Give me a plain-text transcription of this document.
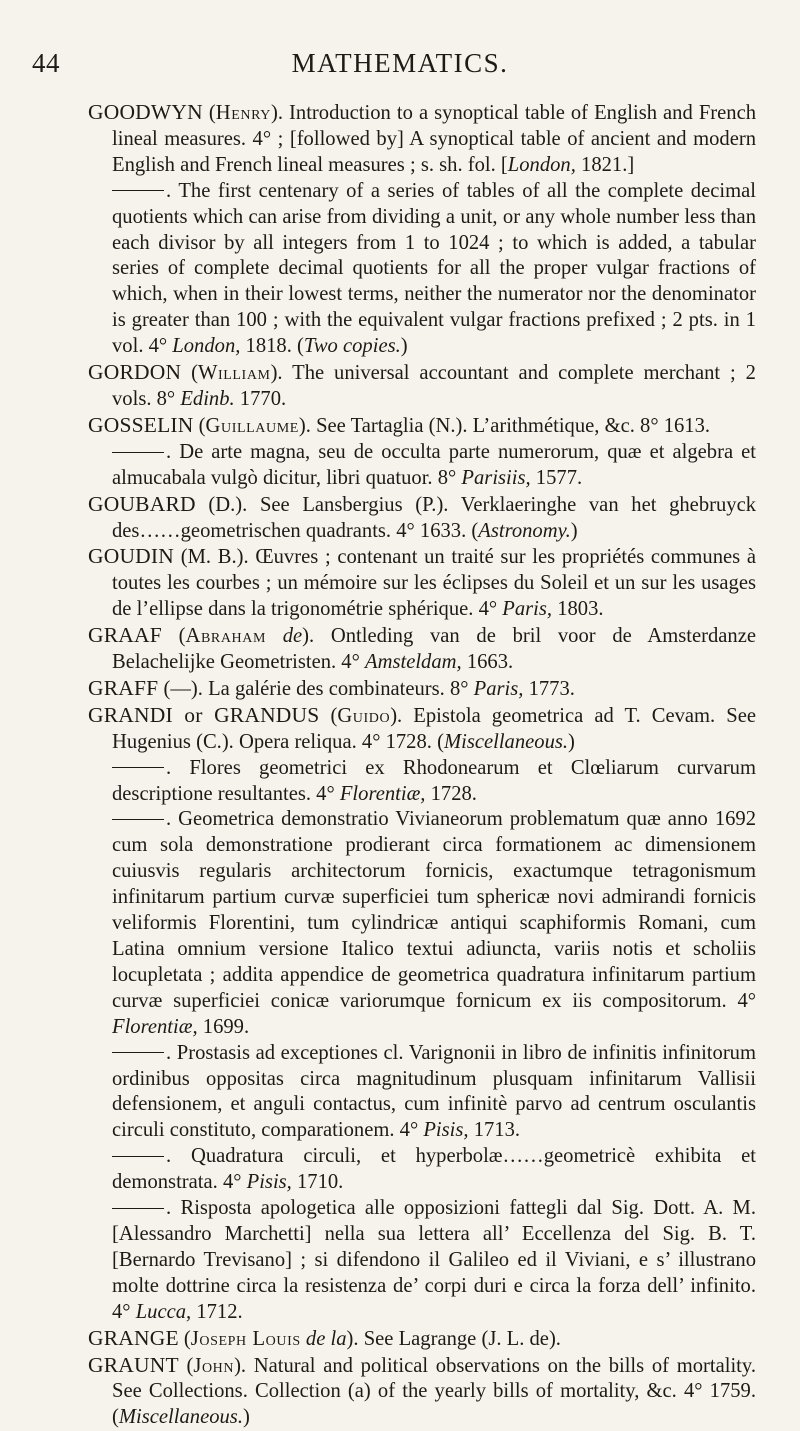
44	MATHEMATICS.
GOODWYN (Henry). Introduction to a synoptical table of English and French lineal measures. 4° ; [followed by] A synoptical table of ancient and modern English and French lineal measures ; s. sh. fol. [London, 1821.]
. The first centenary of a series of tables of all the complete decimal quotients which can arise from dividing a unit, or any whole number less than each divisor by all integers from 1 to 1024 ; to which is added, a tabular series of complete decimal quotients for all the proper vulgar fractions of which, when in their lowest terms, neither the numerator nor the denominator is greater than 100 ; with the equivalent vulgar fractions prefixed ; 2 pts. in 1 vol. 4° London, 1818. (Two copies.)
GORDON (William). The universal accountant and complete merchant ; 2 vols. 8° Edinb. 1770.
GOSSELIN (Guillaume). See Tartaglia (N.). L’arithmétique, &c. 8° 1613.
. De arte magna, seu de occulta parte numerorum, quæ et algebra et almucabala vulgò dicitur, libri quatuor. 8° Parisiis, 1577.
GOUBARD (D.). See Lansbergius (P.). Verklaeringhe van het ghebruyck des……geometrischen quadrants. 4° 1633. (Astronomy.)
GOUDIN (M. B.). Œuvres ; contenant un traité sur les propriétés communes à toutes les courbes ; un mémoire sur les éclipses du Soleil et un sur les usages de l’ellipse dans la trigonométrie sphérique. 4° Paris, 1803.
GRAAF (Abraham de). Ontleding van de bril voor de Amsterdanze Belachelijke Geometristen. 4° Amsteldam, 1663.
GRAFF (—). La galérie des combinateurs. 8° Paris, 1773.
GRANDI or GRANDUS (Guido). Epistola geometrica ad T. Cevam. See Hugenius (C.). Opera reliqua. 4° 1728. (Miscellaneous.)
. Flores geometrici ex Rhodonearum et Clœliarum curvarum descriptione resultantes. 4° Florentiæ, 1728.
. Geometrica demonstratio Vivianeorum problematum quæ anno 1692 cum sola demonstratione prodierant circa formationem ac dimensionem cuiusvis regularis architectorum fornicis, exactumque tetragonismum infinitarum partium curvæ superficiei tum sphericæ novi admirandi fornicis veliformis Florentini, tum cylindricæ antiqui scaphiformis Romani, cum Latina omnium versione Italico textui adiuncta, variis notis et scholiis locupletata ; addita appendice de geometrica quadratura infinitarum partium curvæ superficiei conicæ variorumque fornicum ex iis compositorum. 4° Florentiæ, 1699.
. Prostasis ad exceptiones cl. Varignonii in libro de infinitis infinitorum ordinibus oppositas circa magnitudinum plusquam infinitarum Vallisii defensionem, et anguli contactus, cum infinitè parvo ad centrum osculantis circuli constituto, comparationem. 4° Pisis, 1713.
. Quadratura circuli, et hyperbolæ……geometricè exhibita et demonstrata. 4° Pisis, 1710.
. Risposta apologetica alle opposizioni fattegli dal Sig. Dott. A. M. [Alessandro Marchetti] nella sua lettera all’ Eccellenza del Sig. B. T. [Bernardo Trevisano] ; si difendono il Galileo ed il Viviani, e s’ illustrano molte dottrine circa la resistenza de’ corpi duri e circa la forza dell’ infinito. 4° Lucca, 1712.
GRANGE (Joseph Louis de la). See Lagrange (J. L. de).
GRAUNT (John). Natural and political observations on the bills of mortality. See Collections. Collection (a) of the yearly bills of mortality, &c. 4° 1759. (Miscellaneous.)
